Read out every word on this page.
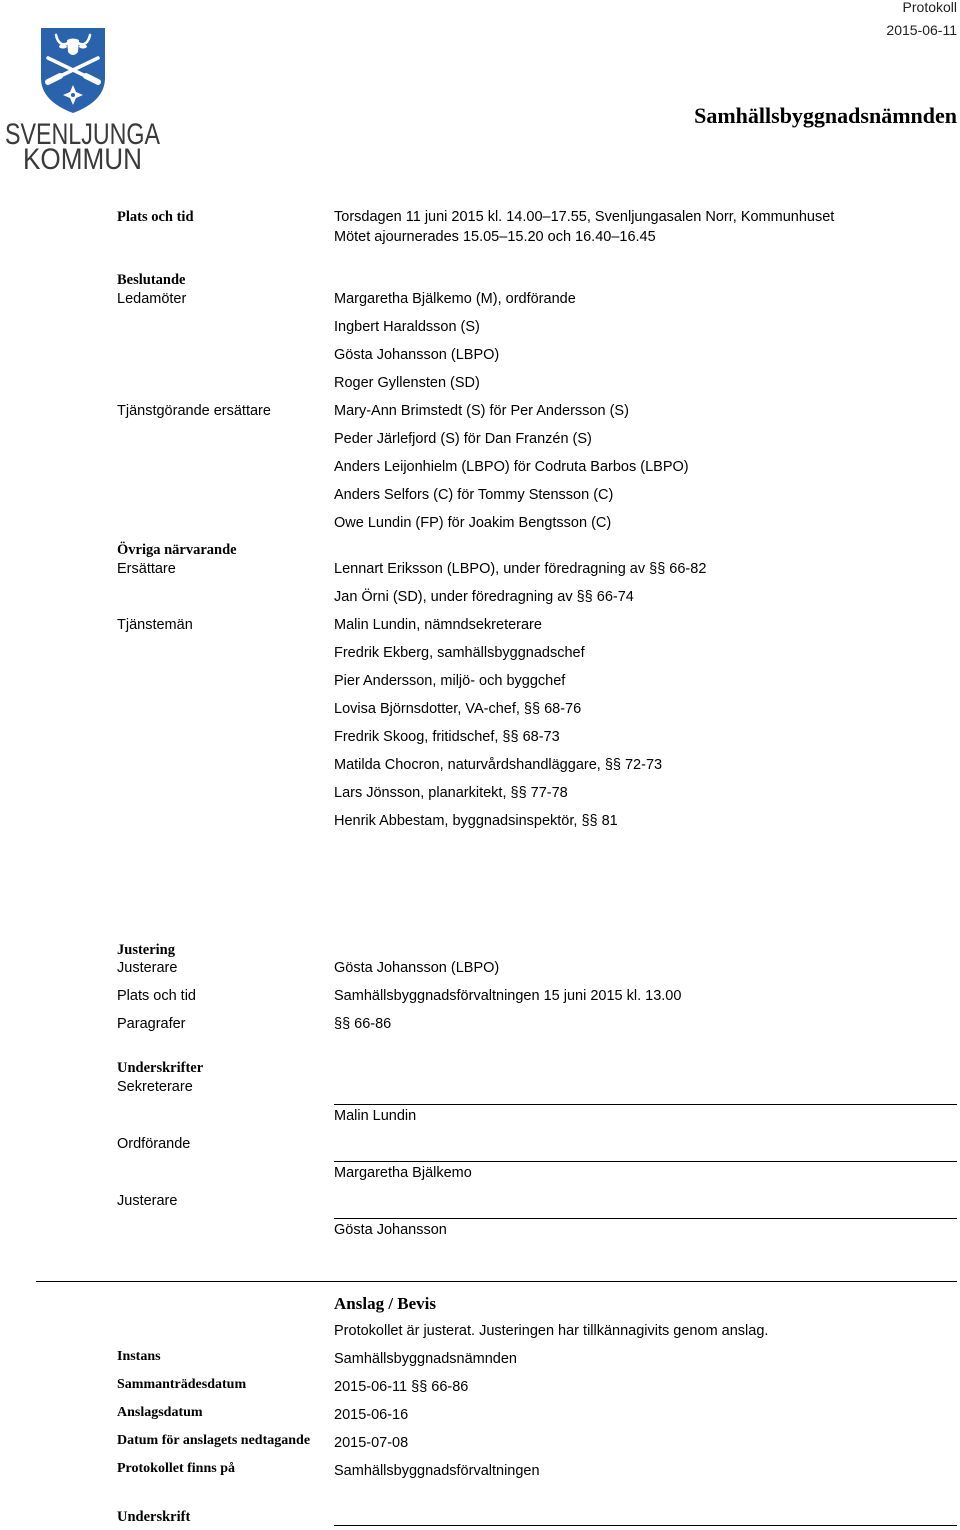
SVENLJUNGA
KOMMUN
Protokoll
2015-06-11
Samhällsbyggnadsnämnden
Plats och tid	Torsdagen 11 juni 2015 kl. 14.00–17.55, Svenljungasalen Norr, Kommunhuset
Mötet ajournerades 15.05–15.20 och 16.40–16.45
Beslutande
Ledamöter	Margaretha Bjälkemo (M), ordförande
Ingbert Haraldsson (S)
Gösta Johansson (LBPO)
Roger Gyllensten (SD)
Tjänstgörande ersättare	Mary-Ann Brimstedt (S) för Per Andersson (S)
Peder Järlefjord (S) för Dan Franzén (S)
Anders Leijonhielm (LBPO) för Codruta Barbos (LBPO)
Anders Selfors (C) för Tommy Stensson (C)
Owe Lundin (FP) för Joakim Bengtsson (C)
Övriga närvarande
Ersättare	Lennart Eriksson (LBPO), under föredragning av §§ 66-82
Jan Örni (SD), under föredragning av §§ 66-74
Tjänstemän	Malin Lundin, nämndsekreterare
Fredrik Ekberg, samhällsbyggnadschef
Pier Andersson, miljö- och byggchef
Lovisa Björnsdotter, VA-chef, §§ 68-76
Fredrik Skoog, fritidschef, §§ 68-73
Matilda Chocron, naturvårdshandläggare, §§ 72-73
Lars Jönsson, planarkitekt, §§ 77-78
Henrik Abbestam, byggnadsinspektör, §§ 81
Justering
Justerare	Gösta Johansson (LBPO)
Plats och tid	Samhällsbyggnadsförvaltningen 15 juni 2015 kl. 13.00
Paragrafer	§§ 66-86
Underskrifter
Sekreterare
Malin Lundin
Ordförande
Margaretha Bjälkemo
Justerare
Gösta Johansson
Anslag / Bevis
Protokollet är justerat. Justeringen har tillkännagivits genom anslag.
Instans	Samhällsbyggnadsnämnden
Sammanträdesdatum	2015-06-11 §§ 66-86
Anslagsdatum	2015-06-16
Datum för anslagets nedtagande 2015-07-08
Protokollet finns på	Samhällsbyggnadsförvaltningen
Underskrift
